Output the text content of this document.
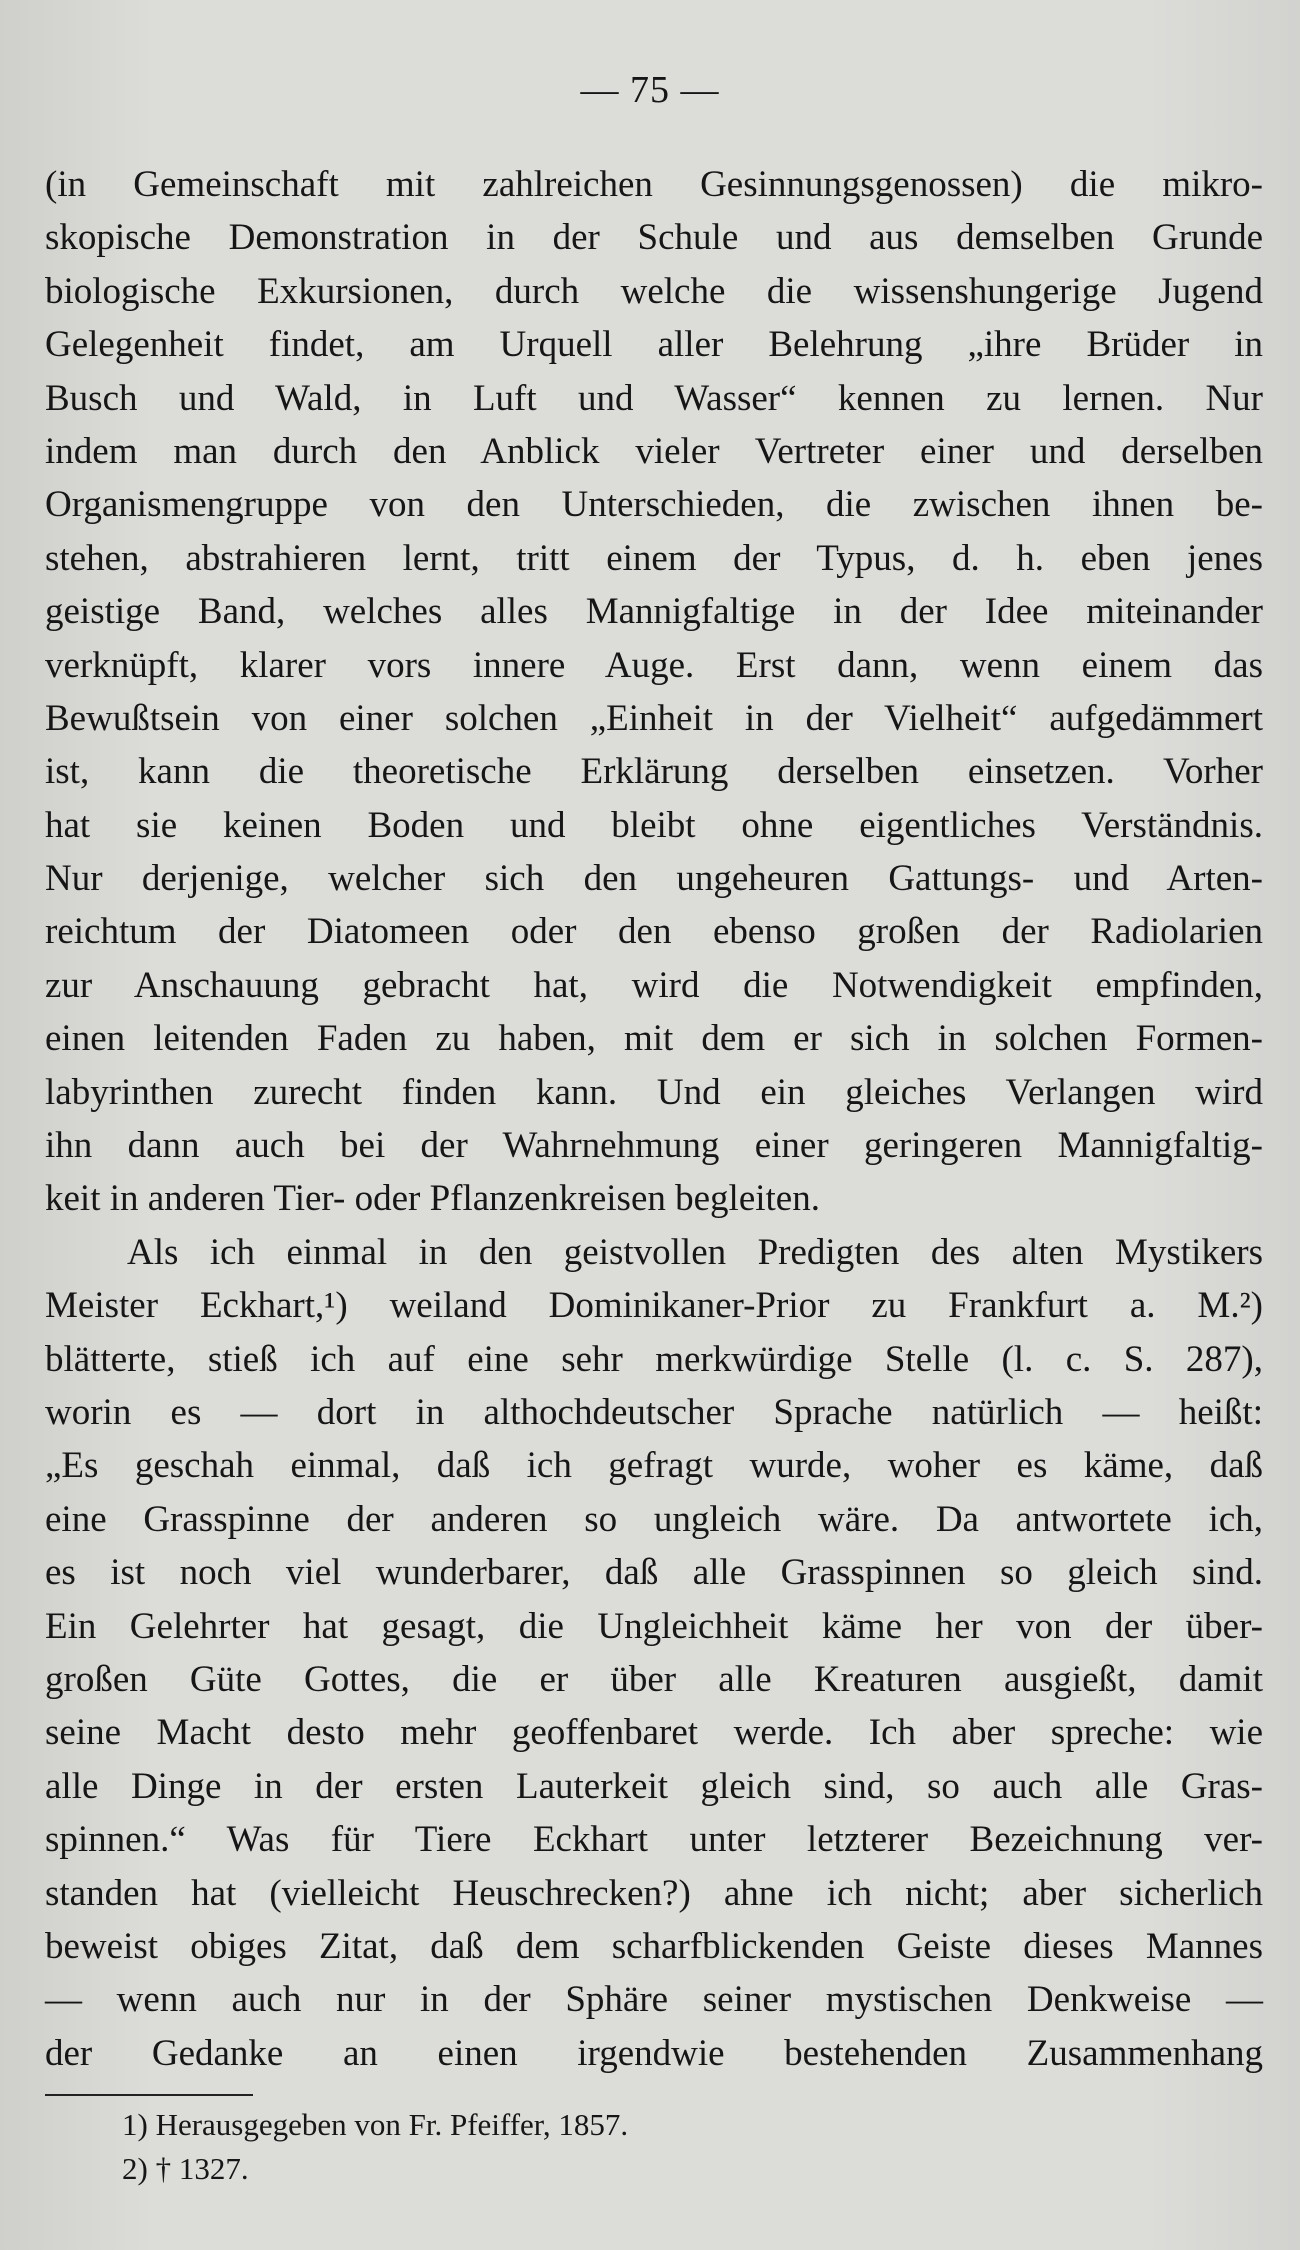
— 75 —
(in Gemeinschaft mit zahlreichen Gesinnungsgenossen) die mikro-
skopische Demonstration in der Schule und aus demselben Grunde
biologische Exkursionen, durch welche die wissenshungerige Jugend
Gelegenheit findet, am Urquell aller Belehrung „ihre Brüder in
Busch und Wald, in Luft und Wasser“ kennen zu lernen. Nur
indem man durch den Anblick vieler Vertreter einer und derselben
Organismengruppe von den Unterschieden, die zwischen ihnen be-
stehen, abstrahieren lernt, tritt einem der Typus, d. h. eben jenes
geistige Band, welches alles Mannigfaltige in der Idee miteinander
verknüpft, klarer vors innere Auge. Erst dann, wenn einem das
Bewußtsein von einer solchen „Einheit in der Vielheit“ aufgedämmert
ist, kann die theoretische Erklärung derselben einsetzen. Vorher
hat sie keinen Boden und bleibt ohne eigentliches Verständnis.
Nur derjenige, welcher sich den ungeheuren Gattungs- und Arten-
reichtum der Diatomeen oder den ebenso großen der Radiolarien
zur Anschauung gebracht hat, wird die Notwendigkeit empfinden,
einen leitenden Faden zu haben, mit dem er sich in solchen Formen-
labyrinthen zurecht finden kann. Und ein gleiches Verlangen wird
ihn dann auch bei der Wahrnehmung einer geringeren Mannigfaltig-
keit in anderen Tier- oder Pflanzenkreisen begleiten.
Als ich einmal in den geistvollen Predigten des alten Mystikers
Meister Eckhart,¹) weiland Dominikaner-Prior zu Frankfurt a. M.²)
blätterte, stieß ich auf eine sehr merkwürdige Stelle (l. c. S. 287),
worin es — dort in althochdeutscher Sprache natürlich — heißt:
„Es geschah einmal, daß ich gefragt wurde, woher es käme, daß
eine Grasspinne der anderen so ungleich wäre. Da antwortete ich,
es ist noch viel wunderbarer, daß alle Grasspinnen so gleich sind.
Ein Gelehrter hat gesagt, die Ungleichheit käme her von der über-
großen Güte Gottes, die er über alle Kreaturen ausgießt, damit
seine Macht desto mehr geoffenbaret werde. Ich aber spreche: wie
alle Dinge in der ersten Lauterkeit gleich sind, so auch alle Gras-
spinnen.“ Was für Tiere Eckhart unter letzterer Bezeichnung ver-
standen hat (vielleicht Heuschrecken?) ahne ich nicht; aber sicherlich
beweist obiges Zitat, daß dem scharfblickenden Geiste dieses Mannes
— wenn auch nur in der Sphäre seiner mystischen Denkweise —
der Gedanke an einen irgendwie bestehenden Zusammenhang
1) Herausgegeben von Fr. Pfeiffer, 1857.
2) † 1327.
